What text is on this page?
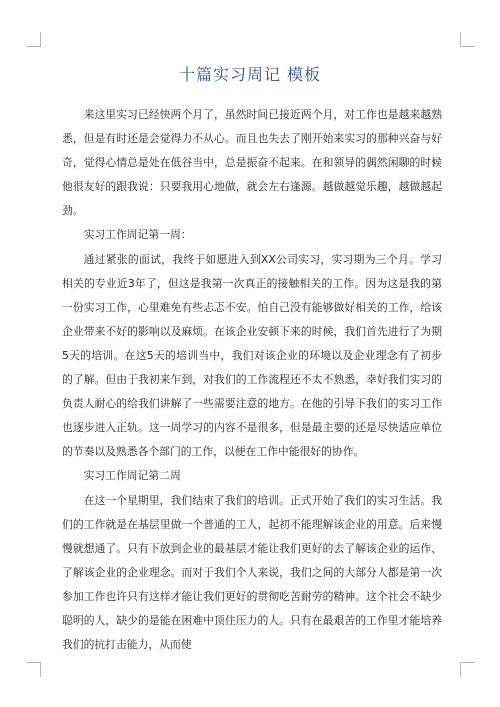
十篇实习周记 模板

来这里实习已经快两个月了，虽然时间已接近两个月，对工作也是越来越熟悉，但是有时还是会觉得力不从心。而且也失去了刚开始来实习的那种兴奋与好奇，觉得心情总是处在低谷当中，总是振奋不起来。在和领导的偶然闲聊的时候他很友好的跟我说：只要我用心地做，就会左右逢源。越做越觉乐趣，越做越起劲。

实习工作周记第一周：

通过紧张的面试，我终于如愿进入到XX公司实习，实习期为三个月。学习相关的专业近3年了，但这是我第一次真正的接触相关的工作。因为这是我的第一份实习工作，心里难免有些忐忑不安。怕自己没有能够做好相关的工作，给该企业带来不好的影响以及麻烦。在该企业安顿下来的时候，我们首先进行了为期5天的培训。在这5天的培训当中，我们对该企业的环境以及企业理念有了初步的了解。但由于我初来乍到，对我们的工作流程还不太不熟悉，幸好我们实习的负责人耐心的给我们讲解了一些需要注意的地方。在他的引导下我们的实习工作也逐步进入正轨。这一周学习的内容不是很多，但是最主要的还是尽快适应单位的节奏以及熟悉各个部门的工作，以便在工作中能很好的协作。

实习工作周记第二周

在这一个星期里，我们结束了我们的培训。正式开始了我们的实习生活。我们的工作就是在基层里做一个普通的工人，起初不能理解该企业的用意。后来慢慢就想通了。只有下放到企业的最基层才能让我们更好的去了解该企业的运作、了解该企业的企业理念。而对于我们个人来说，我们之间的大部分人都是第一次参加工作也许只有这样才能让我们更好的贯彻吃苦耐劳的精神。这个社会不缺少聪明的人，缺少的是能在困难中顶住压力的人。只有在最艰苦的工作里才能培养我们的抗打击能力，从而使
